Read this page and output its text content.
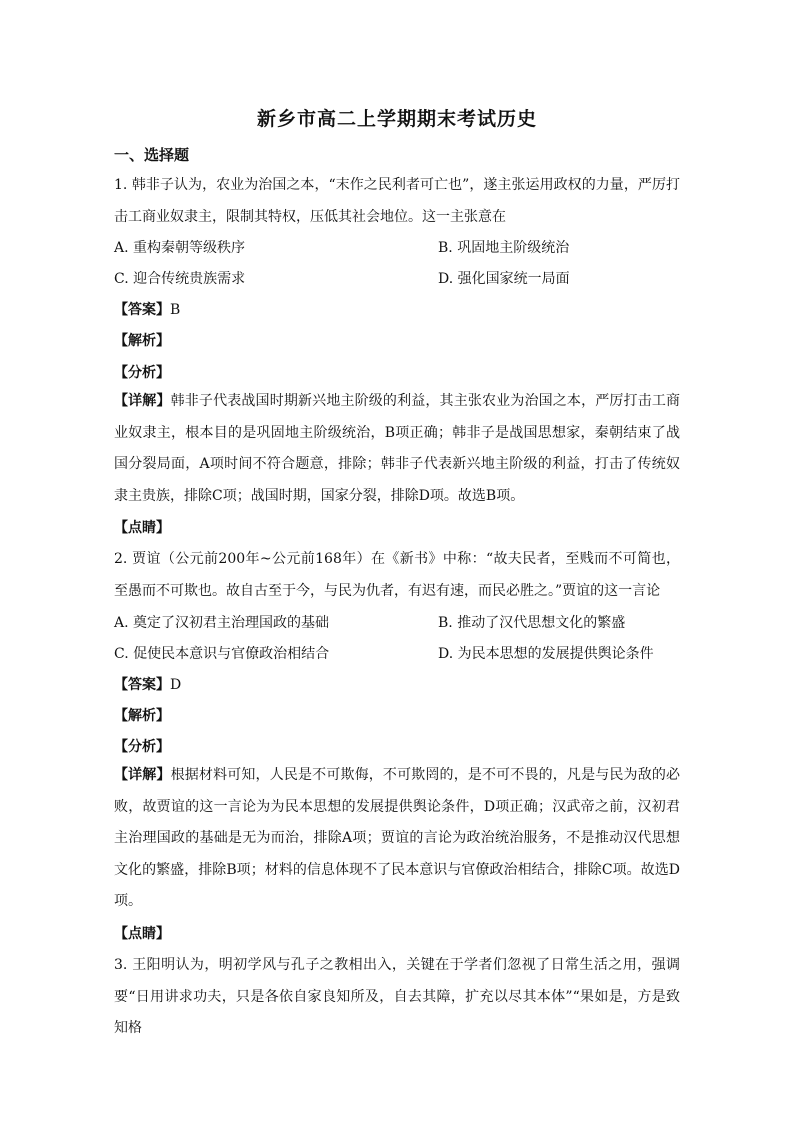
新乡市高二上学期期末考试历史
一、选择题

1. 韩非子认为，农业为治国之本，“末作之民利者可亡也”，遂主张运用政权的力量，严厉打击工商业奴隶主，限制其特权，压低其社会地位。这一主张意在

A. 重构秦朝等级秩序	B. 巩固地主阶级统治
C. 迎合传统贵族需求	D. 强化国家统一局面
【答案】B
【解析】
【分析】

【详解】韩非子代表战国时期新兴地主阶级的利益，其主张农业为治国之本，严厉打击工商业奴隶主，根本目的是巩固地主阶级统治，B项正确；韩非子是战国思想家，秦朝结束了战国分裂局面，A项时间不符合题意，排除；韩非子代表新兴地主阶级的利益，打击了传统奴隶主贵族，排除C项；战国时期，国家分裂，排除D项。故选B项。

【点睛】

2. 贾谊（公元前200年~公元前168年）在《新书》中称：“故夫民者，至贱而不可简也，至愚而不可欺也。故自古至于今，与民为仇者，有迟有速，而民必胜之。”贾谊的这一言论

A. 奠定了汉初君主治理国政的基础	B. 推动了汉代思想文化的繁盛
C. 促使民本意识与官僚政治相结合	D. 为民本思想的发展提供舆论条件
【答案】D
【解析】
【分析】

【详解】根据材料可知，人民是不可欺侮，不可欺罔的，是不可不畏的，凡是与民为敌的必败，故贾谊的这一言论为为民本思想的发展提供舆论条件，D项正确；汉武帝之前，汉初君主治理国政的基础是无为而治，排除A项；贾谊的言论为政治统治服务，不是推动汉代思想文化的繁盛，排除B项；材料的信息体现不了民本意识与官僚政治相结合，排除C项。故选D项。

【点睛】

3. 王阳明认为，明初学风与孔子之教相出入，关键在于学者们忽视了日常生活之用，强调要“日用讲求功夫，只是各依自家良知所及，自去其障，扩充以尽其本体”“果如是，方是致知格
